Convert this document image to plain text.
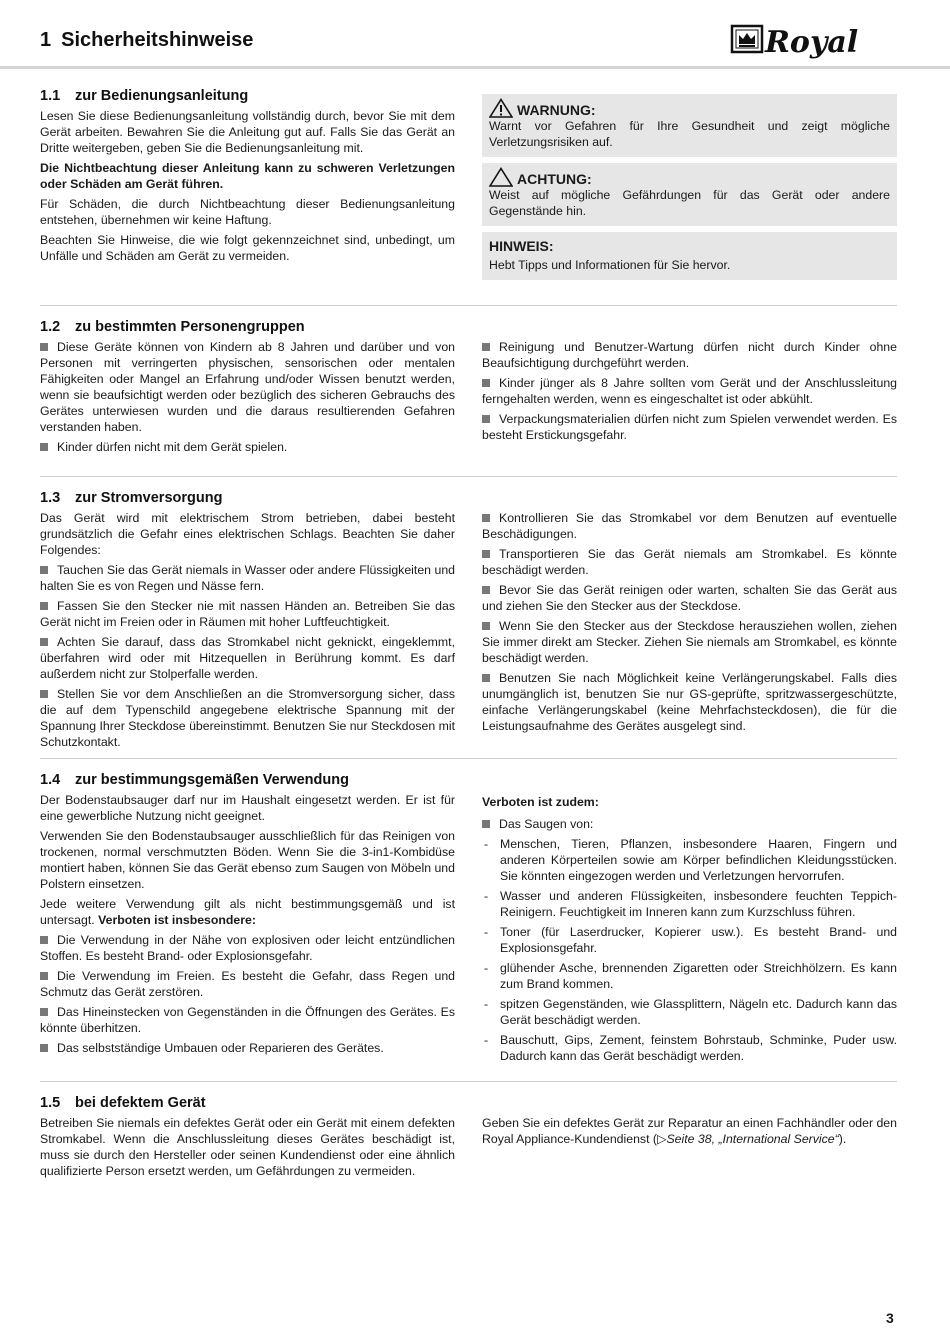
1 Sicherheitshinweise	Royal
1.1 zur Bedienungsanleitung

Lesen Sie diese Bedienungsanleitung vollständig durch, bevor Sie mit dem Gerät arbeiten. Bewahren Sie die Anleitung gut auf. Falls Sie das Gerät an Dritte weitergeben, geben Sie die Bedienungsanleitung mit.

Die Nichtbeachtung dieser Anleitung kann zu schweren Verletzungen oder Schäden am Gerät führen.

Für Schäden, die durch Nichtbeachtung dieser Bedienungsanleitung entstehen, übernehmen wir keine Haftung.

Beachten Sie Hinweise, die wie folgt gekennzeichnet sind, unbedingt, um Unfälle und Schäden am Gerät zu vermeiden.

WARNUNG:

Warnt vor Gefahren für Ihre Gesundheit und zeigt mögliche Verletzungsrisiken auf.

ACHTUNG:

Weist auf mögliche Gefährdungen für das Gerät oder andere Gegenstände hin.

HINWEIS:

Hebt Tipps und Informationen für Sie hervor.

1.2 zu bestimmten Personengruppen

Diese Geräte können von Kindern ab 8 Jahren und darüber und von Personen mit verringerten physischen, sensorischen oder mentalen Fähigkeiten oder Mangel an Erfahrung und/oder Wissen benutzt werden, wenn sie beaufsichtigt werden oder bezüglich des sicheren Gebrauchs des Gerätes unterwiesen wurden und die daraus resultierenden Gefahren verstanden haben.

Kinder dürfen nicht mit dem Gerät spielen.

Reinigung und Benutzer-Wartung dürfen nicht durch Kinder ohne Beaufsichtigung durchgeführt werden.

Kinder jünger als 8 Jahre sollten vom Gerät und der Anschlussleitung ferngehalten werden, wenn es eingeschaltet ist oder abkühlt.

Verpackungsmaterialien dürfen nicht zum Spielen verwendet werden. Es besteht Erstickungsgefahr.

1.3 zur Stromversorgung

Das Gerät wird mit elektrischem Strom betrieben, dabei besteht grundsätzlich die Gefahr eines elektrischen Schlags. Beachten Sie daher Folgendes:

Tauchen Sie das Gerät niemals in Wasser oder andere Flüssigkeiten und halten Sie es von Regen und Nässe fern.

Fassen Sie den Stecker nie mit nassen Händen an. Betreiben Sie das Gerät nicht im Freien oder in Räumen mit hoher Luftfeuchtigkeit.

Achten Sie darauf, dass das Stromkabel nicht geknickt, eingeklemmt, überfahren wird oder mit Hitzequellen in Berührung kommt. Es darf außerdem nicht zur Stolperfalle werden.

Stellen Sie vor dem Anschließen an die Stromversorgung sicher, dass die auf dem Typenschild angegebene elektrische Spannung mit der Spannung Ihrer Steckdose übereinstimmt. Benutzen Sie nur Steckdosen mit Schutzkontakt.

Kontrollieren Sie das Stromkabel vor dem Benutzen auf eventuelle Beschädigungen.

Transportieren Sie das Gerät niemals am Stromkabel. Es könnte beschädigt werden.

Bevor Sie das Gerät reinigen oder warten, schalten Sie das Gerät aus und ziehen Sie den Stecker aus der Steckdose.

Wenn Sie den Stecker aus der Steckdose herausziehen wollen, ziehen Sie immer direkt am Stecker. Ziehen Sie niemals am Stromkabel, es könnte beschädigt werden.

Benutzen Sie nach Möglichkeit keine Verlängerungskabel. Falls dies unumgänglich ist, benutzen Sie nur GS-geprüfte, spritzwassergeschützte, einfache Verlängerungskabel (keine Mehrfachsteckdosen), die für die Leistungsaufnahme des Gerätes ausgelegt sind.

1.4 zur bestimmungsgemäßen Verwendung

Der Bodenstaubsauger darf nur im Haushalt eingesetzt werden. Er ist für eine gewerbliche Nutzung nicht geeignet.

Verwenden Sie den Bodenstaubsauger ausschließlich für das Reinigen von trockenen, normal verschmutzten Böden. Wenn Sie die 3-in1-Kombidüse montiert haben, können Sie das Gerät ebenso zum Saugen von Möbeln und Polstern einsetzen.

Jede weitere Verwendung gilt als nicht bestimmungsgemäß und ist untersagt. Verboten ist insbesondere:

Die Verwendung in der Nähe von explosiven oder leicht entzündlichen Stoffen. Es besteht Brand- oder Explosionsgefahr.

Die Verwendung im Freien. Es besteht die Gefahr, dass Regen und Schmutz das Gerät zerstören.

Das Hineinstecken von Gegenständen in die Öffnungen des Gerätes. Es könnte überhitzen.

Das selbstständige Umbauen oder Reparieren des Gerätes.

Verboten ist zudem:

Das Saugen von:

- Menschen, Tieren, Pflanzen, insbesondere Haaren, Fingern und anderen Körperteilen sowie am Körper befindlichen Kleidungsstücken. Sie könnten eingezogen werden und Verletzungen hervorrufen.

- Wasser und anderen Flüssigkeiten, insbesondere feuchten Teppich-Reinigern. Feuchtigkeit im Inneren kann zum Kurzschluss führen.

- Toner (für Laserdrucker, Kopierer usw.). Es besteht Brand- und Explosionsgefahr.

- glühender Asche, brennenden Zigaretten oder Streichhölzern. Es kann zum Brand kommen.

- spitzen Gegenständen, wie Glassplittern, Nägeln etc. Dadurch kann das Gerät beschädigt werden.

- Bauschutt, Gips, Zement, feinstem Bohrstaub, Schminke, Puder usw. Dadurch kann das Gerät beschädigt werden.

1.5 bei defektem Gerät

Betreiben Sie niemals ein defektes Gerät oder ein Gerät mit einem defekten Stromkabel. Wenn die Anschlussleitung dieses Gerätes beschädigt ist, muss sie durch den Hersteller oder seinen Kundendienst oder eine ähnlich qualifizierte Person ersetzt werden, um Gefährdungen zu vermeiden.

Geben Sie ein defektes Gerät zur Reparatur an einen Fachhändler oder den Royal Appliance-Kundendienst (▷Seite 38, „International Service“).

3
